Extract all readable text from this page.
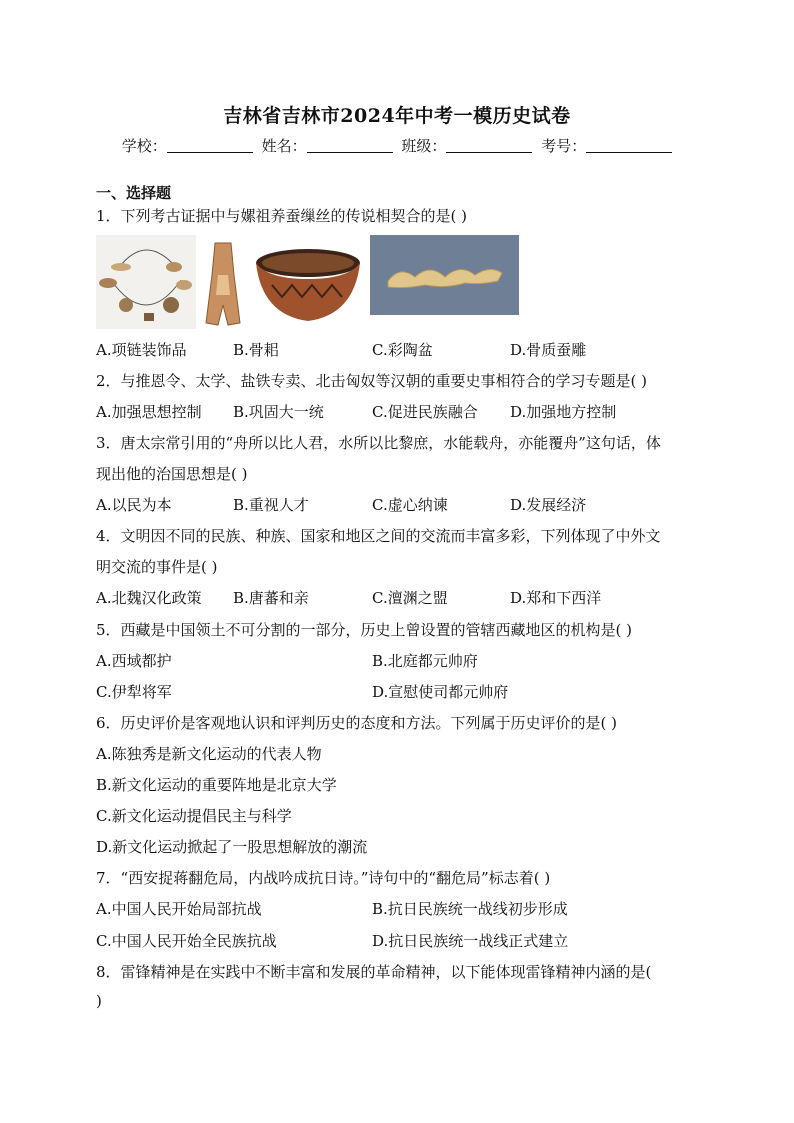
吉林省吉林市2024年中考一模历史试卷
学校：	姓名：	班级：	考号：
一、选择题
1．下列考古证据中与嫘祖养蚕缫丝的传说相契合的是( )
A.项链装饰品	B.骨耜	C.彩陶盆	D.骨质蚕雕
2．与推恩令、太学、盐铁专卖、北击匈奴等汉朝的重要史事相符合的学习专题是( )
A.加强思想控制 B.巩固大一统	C.促进民族融合 D.加强地方控制
3．唐太宗常引用的“舟所以比人君，水所以比黎庶，水能载舟，亦能覆舟”这句话，体
现出他的治国思想是( )
A.以民为本	B.重视人才	C.虚心纳谏	D.发展经济
4．文明因不同的民族、种族、国家和地区之间的交流而丰富多彩，下列体现了中外文
明交流的事件是( )
A.北魏汉化政策 B.唐蕃和亲	C.澶渊之盟	D.郑和下西洋
5．西藏是中国领土不可分割的一部分，历史上曾设置的管辖西藏地区的机构是( )
A.西域都护	B.北庭都元帅府
C.伊犁将军	D.宣慰使司都元帅府
6．历史评价是客观地认识和评判历史的态度和方法。下列属于历史评价的是( )
A.陈独秀是新文化运动的代表人物
B.新文化运动的重要阵地是北京大学
C.新文化运动提倡民主与科学
D.新文化运动掀起了一股思想解放的潮流
7．“西安捉蒋翻危局，内战吟成抗日诗。”诗句中的“翻危局”标志着( )
A.中国人民开始局部抗战	B.抗日民族统一战线初步形成
C.中国人民开始全民族抗战	D.抗日民族统一战线正式建立
8．雷锋精神是在实践中不断丰富和发展的革命精神，以下能体现雷锋精神内涵的是(
)
